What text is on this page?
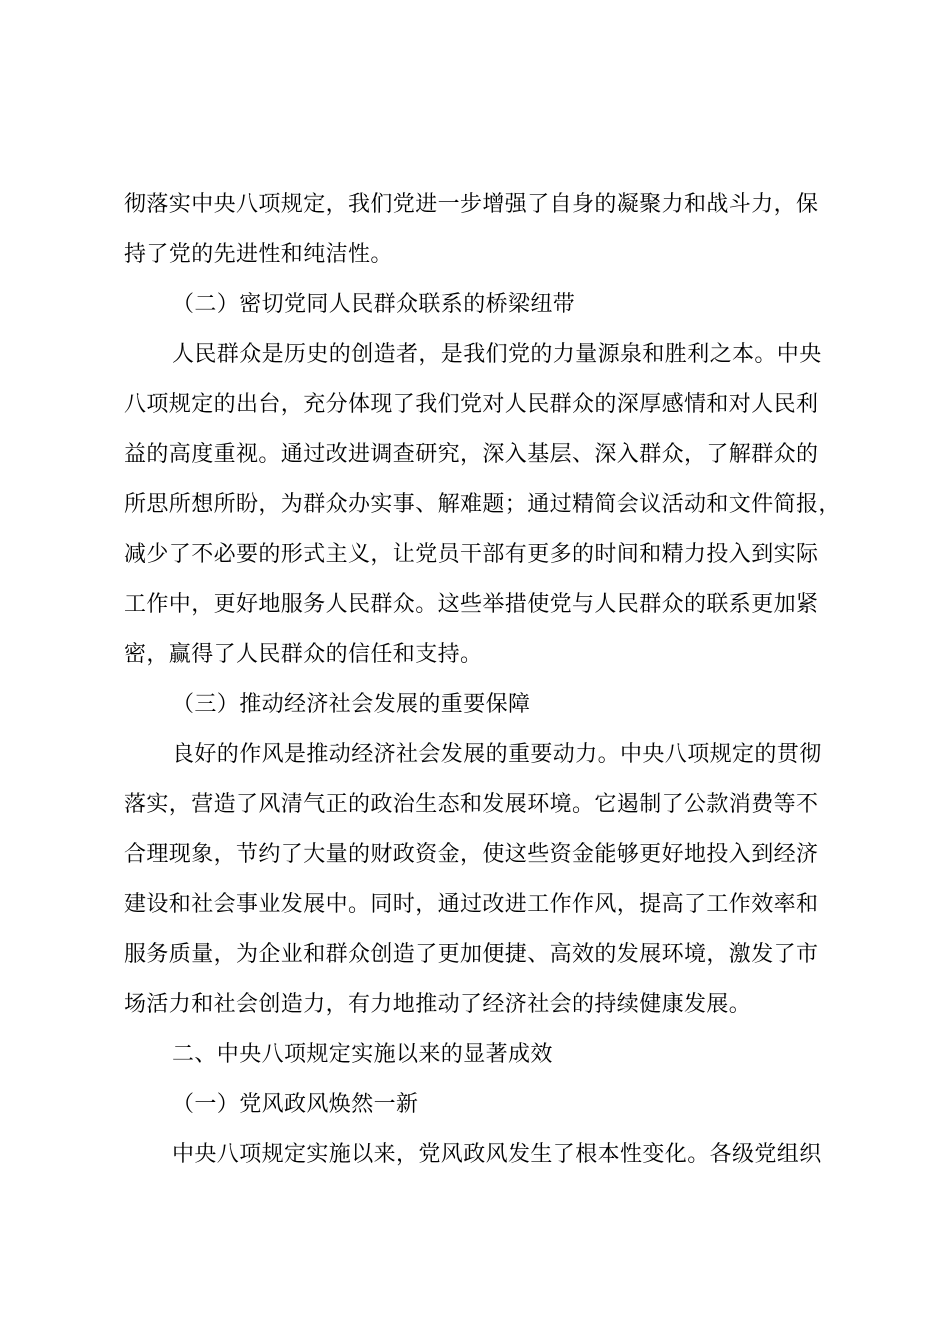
彻落实中央八项规定，我们党进一步增强了自身的凝聚力和战斗力，保
持了党的先进性和纯洁性。
（二）密切党同人民群众联系的桥梁纽带
人民群众是历史的创造者，是我们党的力量源泉和胜利之本。中央
八项规定的出台，充分体现了我们党对人民群众的深厚感情和对人民利
益的高度重视。通过改进调查研究，深入基层、深入群众，了解群众的
所思所想所盼，为群众办实事、解难题；通过精简会议活动和文件简报，
减少了不必要的形式主义，让党员干部有更多的时间和精力投入到实际
工作中，更好地服务人民群众。这些举措使党与人民群众的联系更加紧
密，赢得了人民群众的信任和支持。
（三）推动经济社会发展的重要保障
良好的作风是推动经济社会发展的重要动力。中央八项规定的贯彻
落实，营造了风清气正的政治生态和发展环境。它遏制了公款消费等不
合理现象，节约了大量的财政资金，使这些资金能够更好地投入到经济
建设和社会事业发展中。同时，通过改进工作作风，提高了工作效率和
服务质量，为企业和群众创造了更加便捷、高效的发展环境，激发了市
场活力和社会创造力，有力地推动了经济社会的持续健康发展。
二、中央八项规定实施以来的显著成效
（一）党风政风焕然一新
中央八项规定实施以来，党风政风发生了根本性变化。各级党组织
